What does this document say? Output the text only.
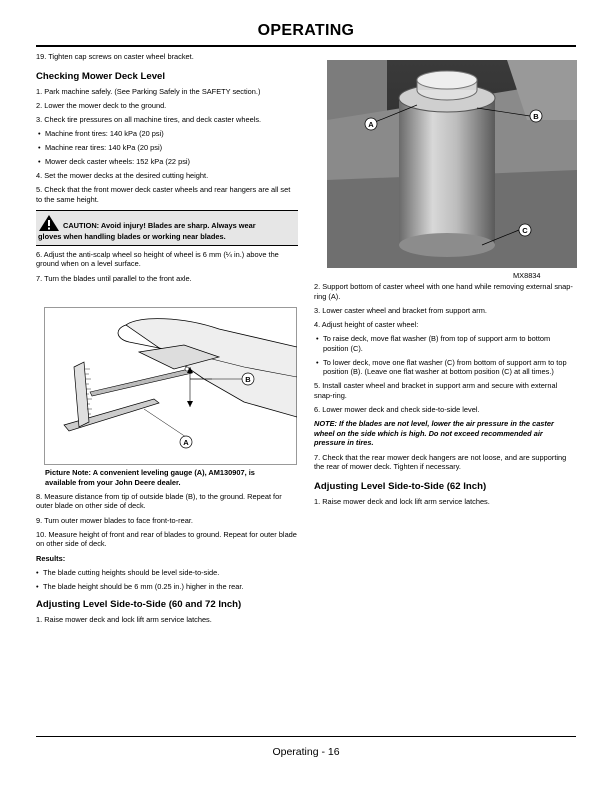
OPERATING

19. Tighten cap screws on caster wheel bracket.

Checking Mower Deck Level

1. Park machine safely. (See Parking Safely in the SAFETY section.)

2. Lower the mower deck to the ground.

3. Check tire pressures on all machine tires, and deck caster wheels.

• Machine front tires: 140 kPa (20 psi)
• Machine rear tires: 140 kPa (20 psi)
• Mower deck caster wheels: 152 kPa (22 psi)

4. Set the mower decks at the desired cutting height.

5. Check that the front mower deck caster wheels and rear hangers are all set to the same height.

CAUTION: Avoid injury! Blades are sharp. Always wear
gloves when handling blades or working near blades.

6. Adjust the anti-scalp wheel so height of wheel is 6 mm (¼ in.) above the ground when on a level surface.

7. Turn the blades until parallel to the front axle.

B
A

Picture Note: A convenient leveling gauge (A), AM130907, is available from your John Deere dealer.

8. Measure distance from tip of outside blade (B), to the ground. Repeat for outer blade on other side of deck.

9. Turn outer mower blades to face front-to-rear.

10. Measure height of front and rear of blades to ground. Repeat for outer blade on other side of deck.

Results:

• The blade cutting heights should be level side-to-side.
• The blade height should be 6 mm (0.25 in.) higher in the rear.
Adjusting Level Side-to-Side (60 and 72 Inch)

1. Raise mower deck and lock lift arm service latches.

A
B
C
MX8834

2. Support bottom of caster wheel with one hand while removing external snap-ring (A).

3. Lower caster wheel and bracket from support arm.

4. Adjust height of caster wheel:

• To raise deck, move flat washer (B) from top of support arm to bottom position (C).
• To lower deck, move one flat washer (C) from bottom of support arm to top position (B). (Leave one flat washer at bottom position (C) at all times.)

5. Install caster wheel and bracket in support arm and secure with external snap-ring.

6. Lower mower deck and check side-to-side level.

NOTE: If the blades are not level, lower the air pressure in the caster wheel on the side which is high. Do not exceed recommended air pressure in tires.

7. Check that the rear mower deck hangers are not loose, and are supporting the rear of mower deck. Tighten if necessary.

Adjusting Level Side-to-Side (62 Inch)

1. Raise mower deck and lock lift arm service latches.

Operating - 16
